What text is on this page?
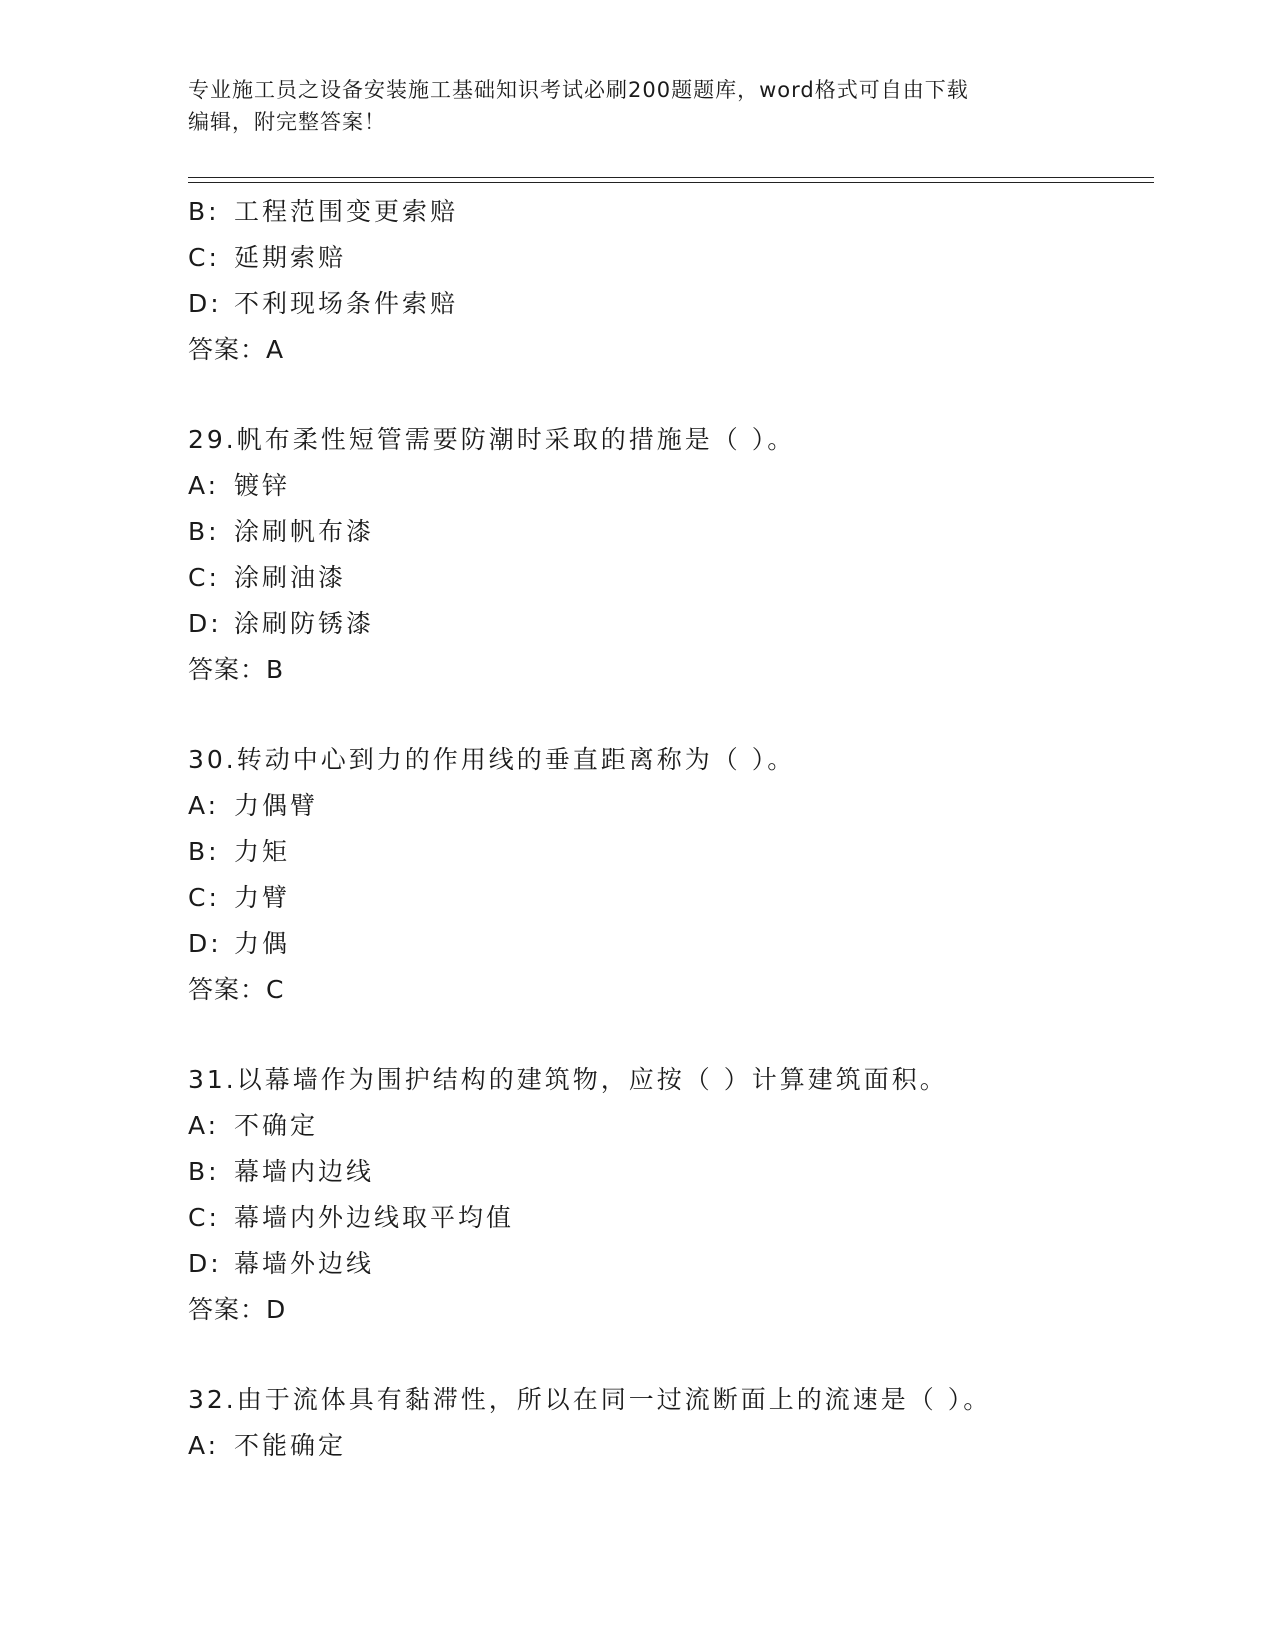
专业施工员之设备安装施工基础知识考试必刷200题题库，word格式可自由下载
编辑，附完整答案！
B: 工程范围变更索赔
C: 延期索赔
D: 不利现场条件索赔
答案：A
29.帆布柔性短管需要防潮时采取的措施是（ ）。
A: 镀锌
B: 涂刷帆布漆
C: 涂刷油漆
D: 涂刷防锈漆
答案：B
30.转动中心到力的作用线的垂直距离称为（ ）。
A: 力偶臂
B: 力矩
C: 力臂
D: 力偶
答案：C
31.以幕墙作为围护结构的建筑物，应按（ ）计算建筑面积。
A: 不确定
B: 幕墙内边线
C: 幕墙内外边线取平均值
D: 幕墙外边线
答案：D
32.由于流体具有黏滞性，所以在同一过流断面上的流速是（ ）。
A: 不能确定
